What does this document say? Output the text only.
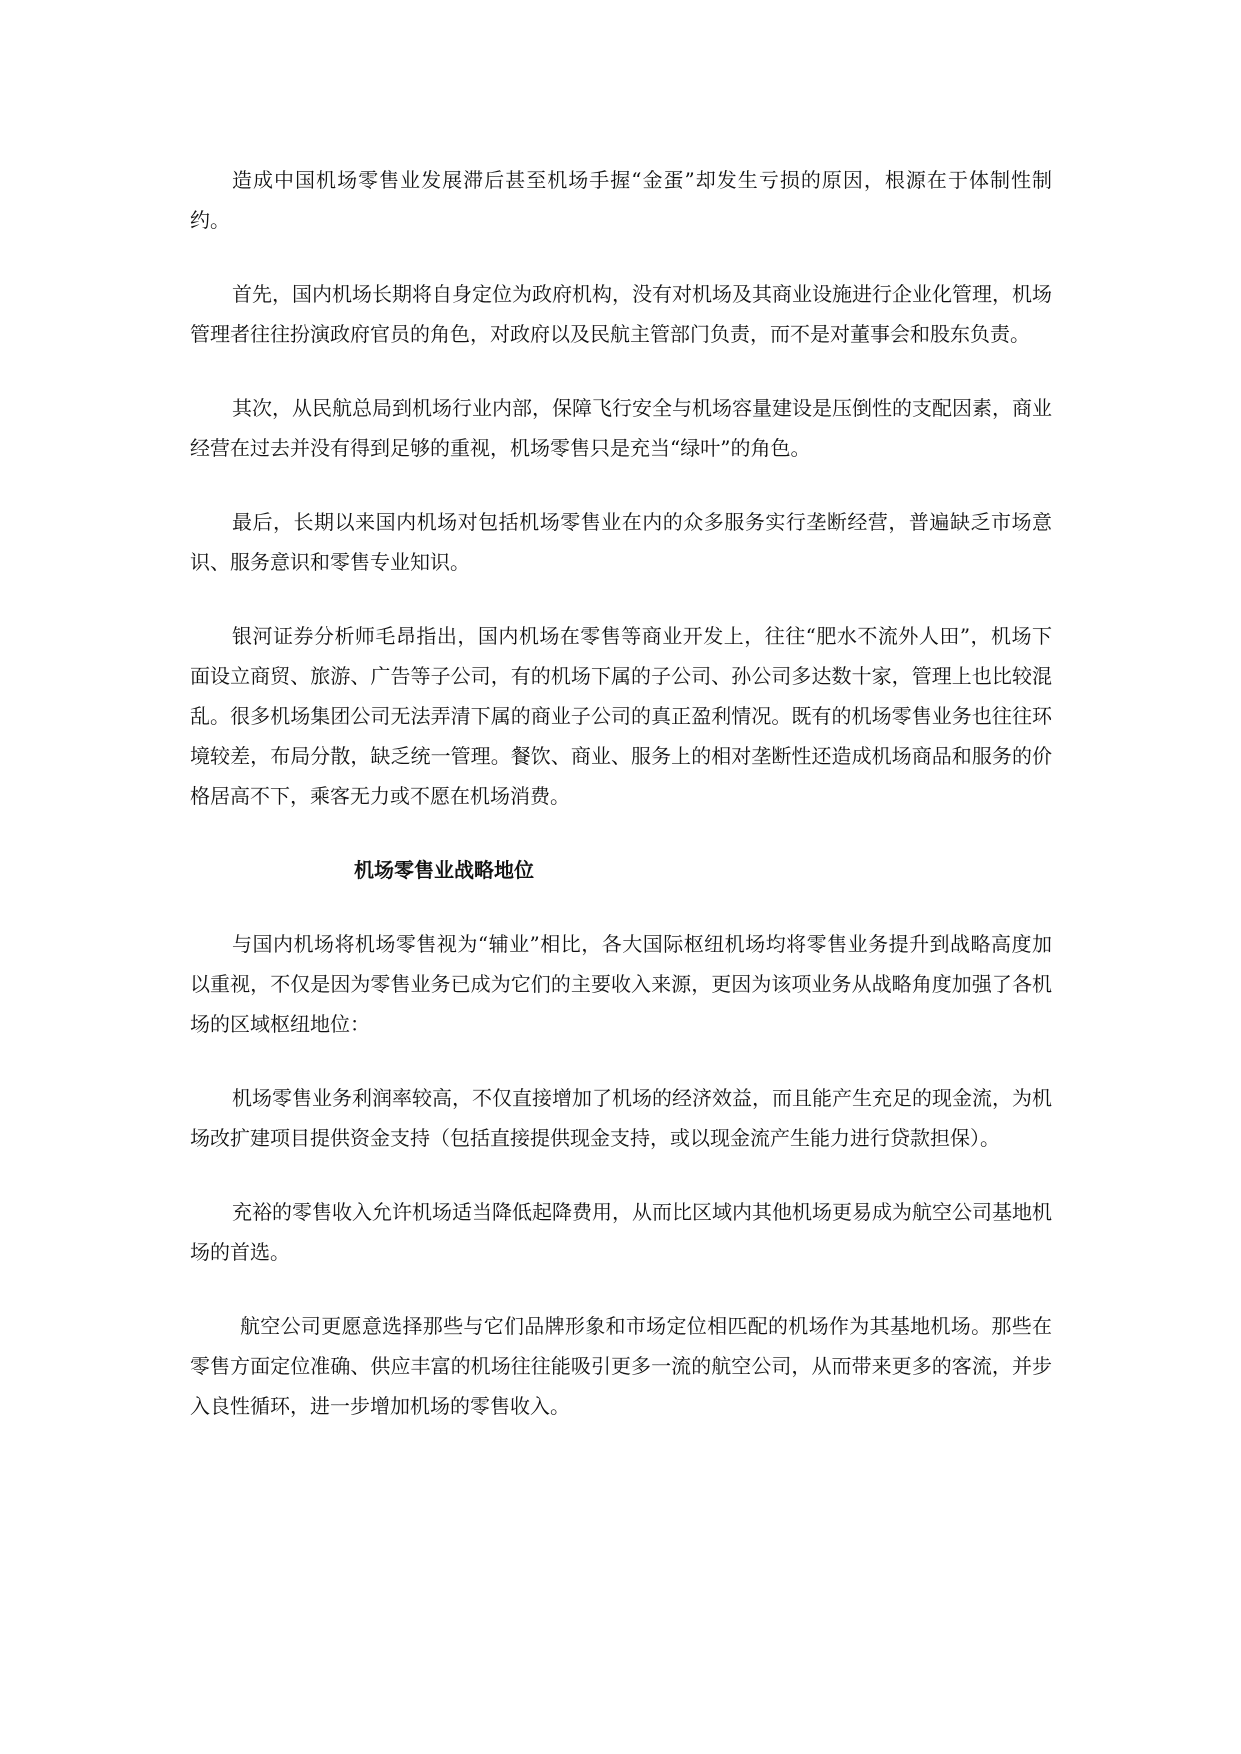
造成中国机场零售业发展滞后甚至机场手握“金蛋”却发生亏损的原因，根源在于体制性制约。

首先，国内机场长期将自身定位为政府机构，没有对机场及其商业设施进行企业化管理，机场管理者往往扮演政府官员的角色，对政府以及民航主管部门负责，而不是对董事会和股东负责。

其次，从民航总局到机场行业内部，保障飞行安全与机场容量建设是压倒性的支配因素，商业经营在过去并没有得到足够的重视，机场零售只是充当“绿叶”的角色。

最后，长期以来国内机场对包括机场零售业在内的众多服务实行垄断经营，普遍缺乏市场意识、服务意识和零售专业知识。

银河证券分析师毛昂指出，国内机场在零售等商业开发上，往往“肥水不流外人田”，机场下面设立商贸、旅游、广告等子公司，有的机场下属的子公司、孙公司多达数十家，管理上也比较混乱。很多机场集团公司无法弄清下属的商业子公司的真正盈利情况。既有的机场零售业务也往往环境较差，布局分散，缺乏统一管理。餐饮、商业、服务上的相对垄断性还造成机场商品和服务的价格居高不下，乘客无力或不愿在机场消费。

机场零售业战略地位

与国内机场将机场零售视为“辅业”相比，各大国际枢纽机场均将零售业务提升到战略高度加以重视，不仅是因为零售业务已成为它们的主要收入来源，更因为该项业务从战略角度加强了各机场的区域枢纽地位：

机场零售业务利润率较高，不仅直接增加了机场的经济效益，而且能产生充足的现金流，为机场改扩建项目提供资金支持（包括直接提供现金支持，或以现金流产生能力进行贷款担保）。

充裕的零售收入允许机场适当降低起降费用，从而比区域内其他机场更易成为航空公司基地机场的首选。

航空公司更愿意选择那些与它们品牌形象和市场定位相匹配的机场作为其基地机场。那些在零售方面定位准确、供应丰富的机场往往能吸引更多一流的航空公司，从而带来更多的客流，并步入良性循环，进一步增加机场的零售收入。
